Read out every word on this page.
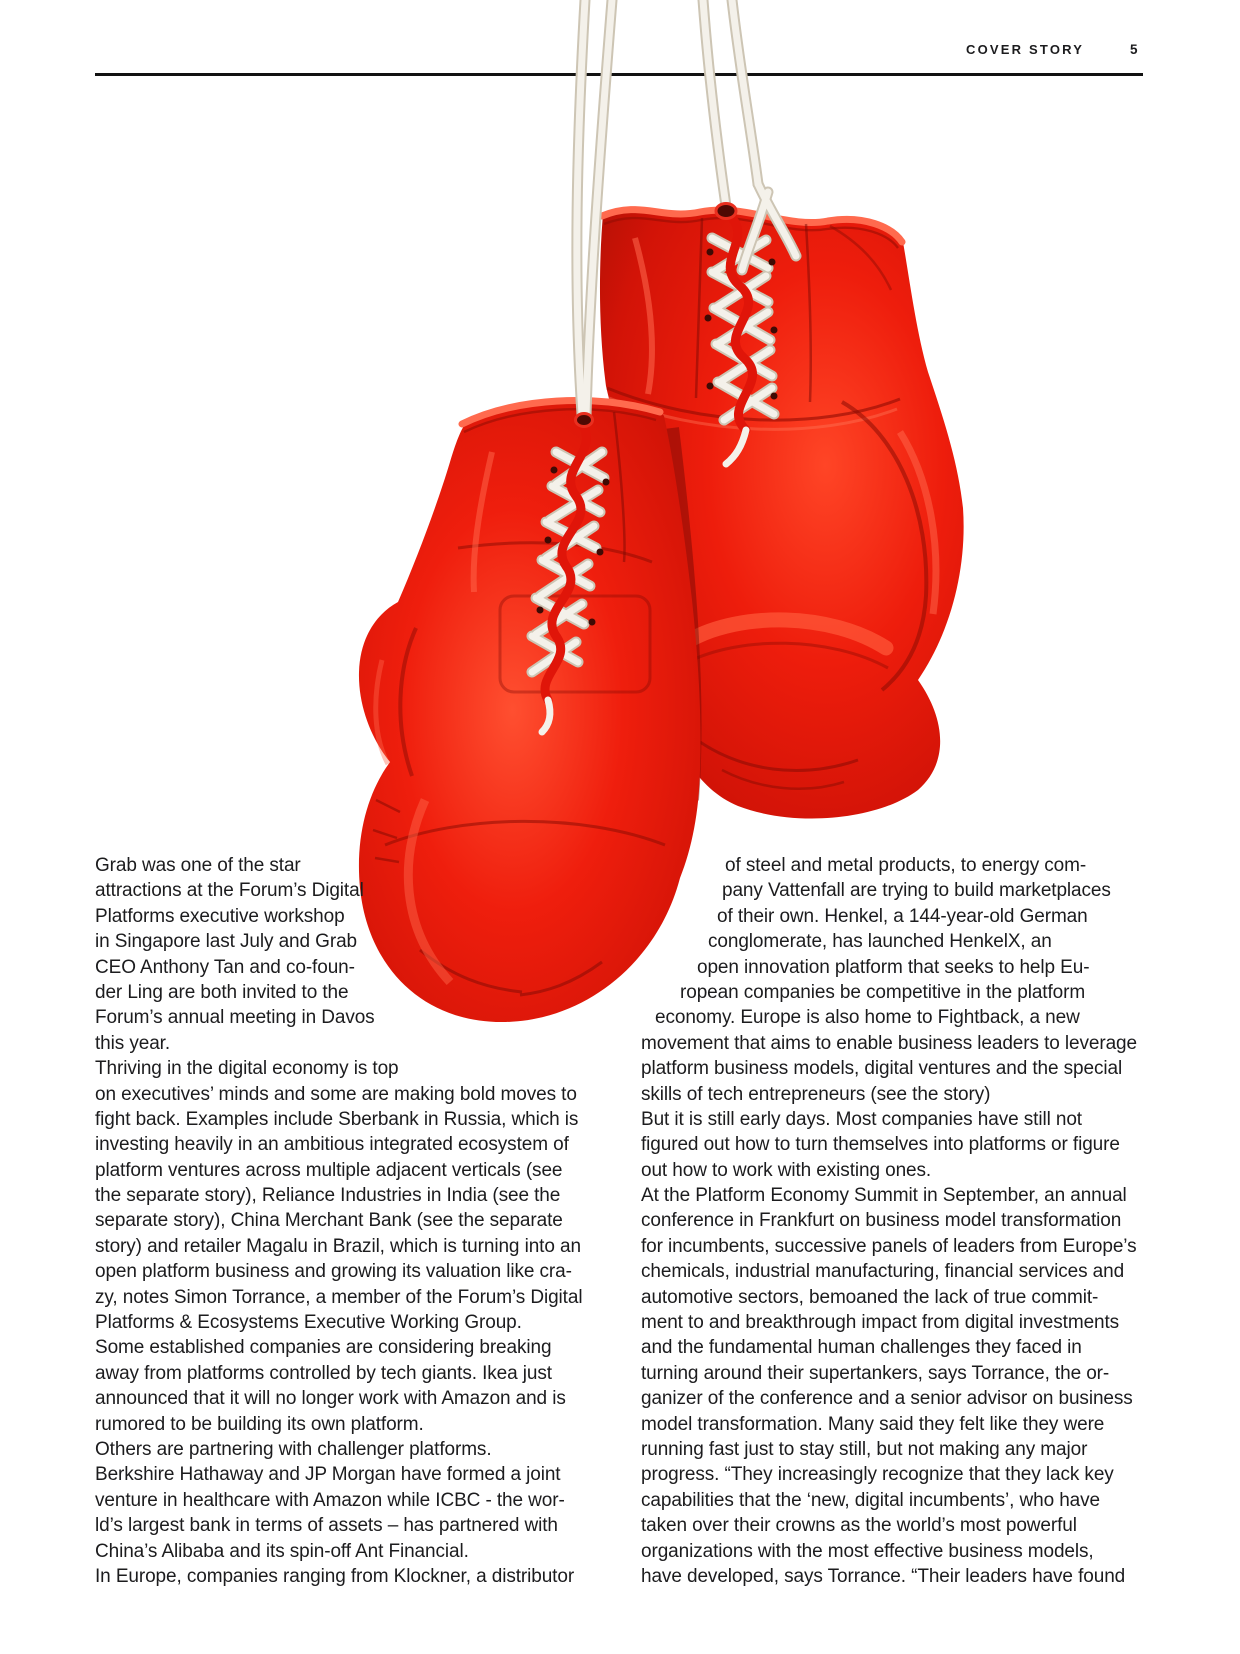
COVER STORY	5
Grab was one of the star
attractions at the Forum’s Digital
Platforms executive workshop
in Singapore last July and Grab
CEO Anthony Tan and co-foun-
der Ling are both invited to the
Forum’s annual meeting in Davos
this year.
Thriving in the digital economy is top
on executives’ minds and some are making bold moves to
fight back. Examples include Sberbank in Russia, which is
investing heavily in an ambitious integrated ecosystem of
platform ventures across multiple adjacent verticals (see
the separate story), Reliance Industries in India (see the
separate story), China Merchant Bank (see the separate
story) and retailer Magalu in Brazil, which is turning into an
open platform business and growing its valuation like cra-
zy, notes Simon Torrance, a member of the Forum’s Digital
Platforms & Ecosystems Executive Working Group.
Some established companies are considering breaking
away from platforms controlled by tech giants. Ikea just
announced that it will no longer work with Amazon and is
rumored to be building its own platform.
Others are partnering with challenger platforms.
Berkshire Hathaway and JP Morgan have formed a joint
venture in healthcare with Amazon while ICBC - the wor-
ld’s largest bank in terms of assets – has partnered with
China’s Alibaba and its spin-off Ant Financial.
In Europe, companies ranging from Klockner, a distributor
of steel and metal products, to energy com-
pany Vattenfall are trying to build marketplaces
of their own. Henkel, a 144-year-old German
conglomerate, has launched HenkelX, an
open innovation platform that seeks to help Eu-
ropean companies be competitive in the platform
economy. Europe is also home to Fightback, a new
movement that aims to enable business leaders to leverage
platform business models, digital ventures and the special
skills of tech entrepreneurs (see the story)
But it is still early days. Most companies have still not
figured out how to turn themselves into platforms or figure
out how to work with existing ones.
At the Platform Economy Summit in September, an annual
conference in Frankfurt on business model transformation
for incumbents, successive panels of leaders from Europe’s
chemicals, industrial manufacturing, financial services and
automotive sectors, bemoaned the lack of true commit-
ment to and breakthrough impact from digital investments
and the fundamental human challenges they faced in
turning around their supertankers, says Torrance, the or-
ganizer of the conference and a senior advisor on business
model transformation. Many said they felt like they were
running fast just to stay still, but not making any major
progress. “They increasingly recognize that they lack key
capabilities that the ‘new, digital incumbents’, who have
taken over their crowns as the world’s most powerful
organizations with the most effective business models,
have developed, says Torrance. “Their leaders have found
